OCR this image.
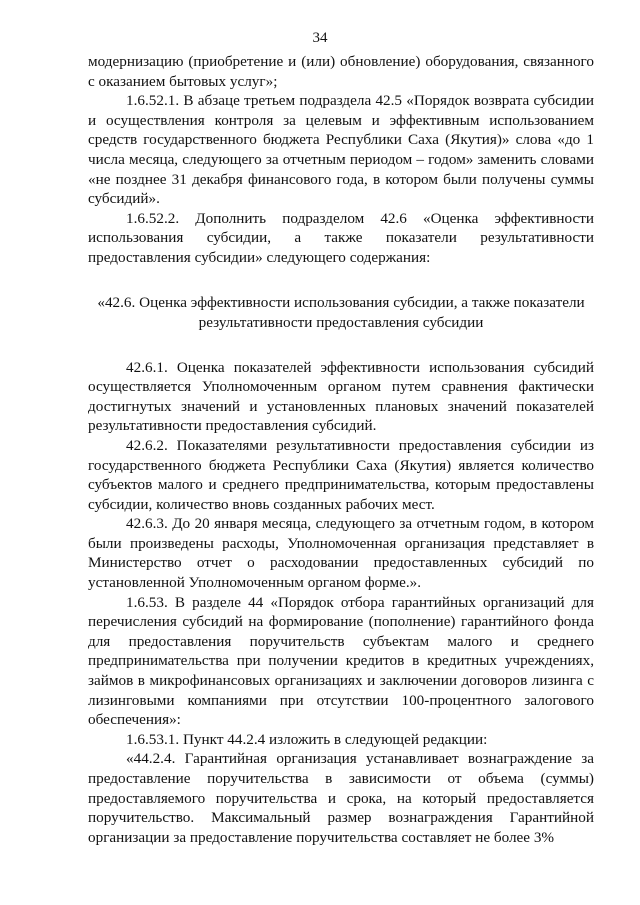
34

модернизацию (приобретение и (или) обновление) оборудования, связанного с оказанием бытовых услуг»;

1.6.52.1. В абзаце третьем подраздела 42.5 «Порядок возврата субсидии и осуществления контроля за целевым и эффективным использованием средств государственного бюджета Республики Саха (Якутия)» слова «до 1 числа месяца, следующего за отчетным периодом – годом» заменить словами «не позднее 31 декабря финансового года, в котором были получены суммы субсидий».

1.6.52.2. Дополнить подразделом 42.6 «Оценка эффективности использования субсидии, а также показатели результативности предоставления субсидии» следующего содержания:

«42.6. Оценка эффективности использования субсидии, а также показатели результативности предоставления субсидии

42.6.1. Оценка показателей эффективности использования субсидий осуществляется Уполномоченным органом путем сравнения фактически достигнутых значений и установленных плановых значений показателей результативности предоставления субсидий.

42.6.2. Показателями результативности предоставления субсидии из государственного бюджета Республики Саха (Якутия) является количество субъектов малого и среднего предпринимательства, которым предоставлены субсидии, количество вновь созданных рабочих мест.

42.6.3. До 20 января месяца, следующего за отчетным годом, в котором были произведены расходы, Уполномоченная организация представляет в Министерство отчет о расходовании предоставленных субсидий по установленной Уполномоченным органом форме.».

1.6.53. В разделе 44 «Порядок отбора гарантийных организаций для перечисления субсидий на формирование (пополнение) гарантийного фонда для предоставления поручительств субъектам малого и среднего предпринимательства при получении кредитов в кредитных учреждениях, займов в микрофинансовых организациях и заключении договоров лизинга с лизинговыми компаниями при отсутствии 100-процентного залогового обеспечения»:

1.6.53.1. Пункт 44.2.4 изложить в следующей редакции:

«44.2.4. Гарантийная организация устанавливает вознаграждение за предоставление поручительства в зависимости от объема (суммы) предоставляемого поручительства и срока, на который предоставляется поручительство. Максимальный размер вознаграждения Гарантийной организации за предоставление поручительства составляет не более 3%
